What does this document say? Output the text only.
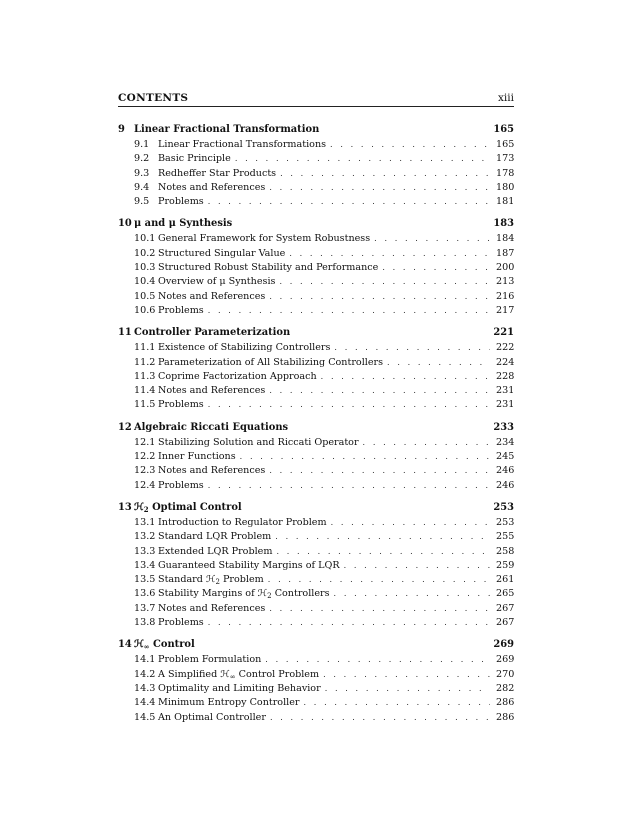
CONTENTS	xiii
9 Linear Fractional Transformation	165
9.1 Linear Fractional Transformations . . .	165
9.2 Basic Principle . . .	173
9.3 Redheffer Star Products . . .	178
9.4 Notes and References . . .	180
9.5 Problems . . .	181
10 μ and μ Synthesis	183
10.1 General Framework for System Robustness . . .	184
10.2 Structured Singular Value . . .	187
10.3 Structured Robust Stability and Performance . . .	200
10.4 Overview of μ Synthesis . . .	213
10.5 Notes and References . . .	216
10.6 Problems . . .	217
11 Controller Parameterization	221
11.1 Existence of Stabilizing Controllers . . .	222
11.2 Parameterization of All Stabilizing Controllers . . .	224
11.3 Coprime Factorization Approach . . .	228
11.4 Notes and References . . .	231
11.5 Problems . . .	231
12 Algebraic Riccati Equations	233
12.1 Stabilizing Solution and Riccati Operator . . .	234
12.2 Inner Functions . . .	245
12.3 Notes and References . . .	246
12.4 Problems . . .	246
13 ℋ$_2$ Optimal Control	253
13.1 Introduction to Regulator Problem . . .	253
13.2 Standard LQR Problem . . .	255
13.3 Extended LQR Problem . . .	258
13.4 Guaranteed Stability Margins of LQR . . .	259
13.5 Standard ℋ$_2$ Problem . . .	261
13.6 Stability Margins of ℋ$_2$ Controllers . . .	265
13.7 Notes and References . . .	267
13.8 Problems . . .	267
14 ℋ$_\infty$ Control	269
14.1 Problem Formulation . . .	269
14.2 A Simplified ℋ$_\infty$ Control Problem . . .	270
14.3 Optimality and Limiting Behavior . . .	282
14.4 Minimum Entropy Controller . . .	286
14.5 An Optimal Controller . . .	286
